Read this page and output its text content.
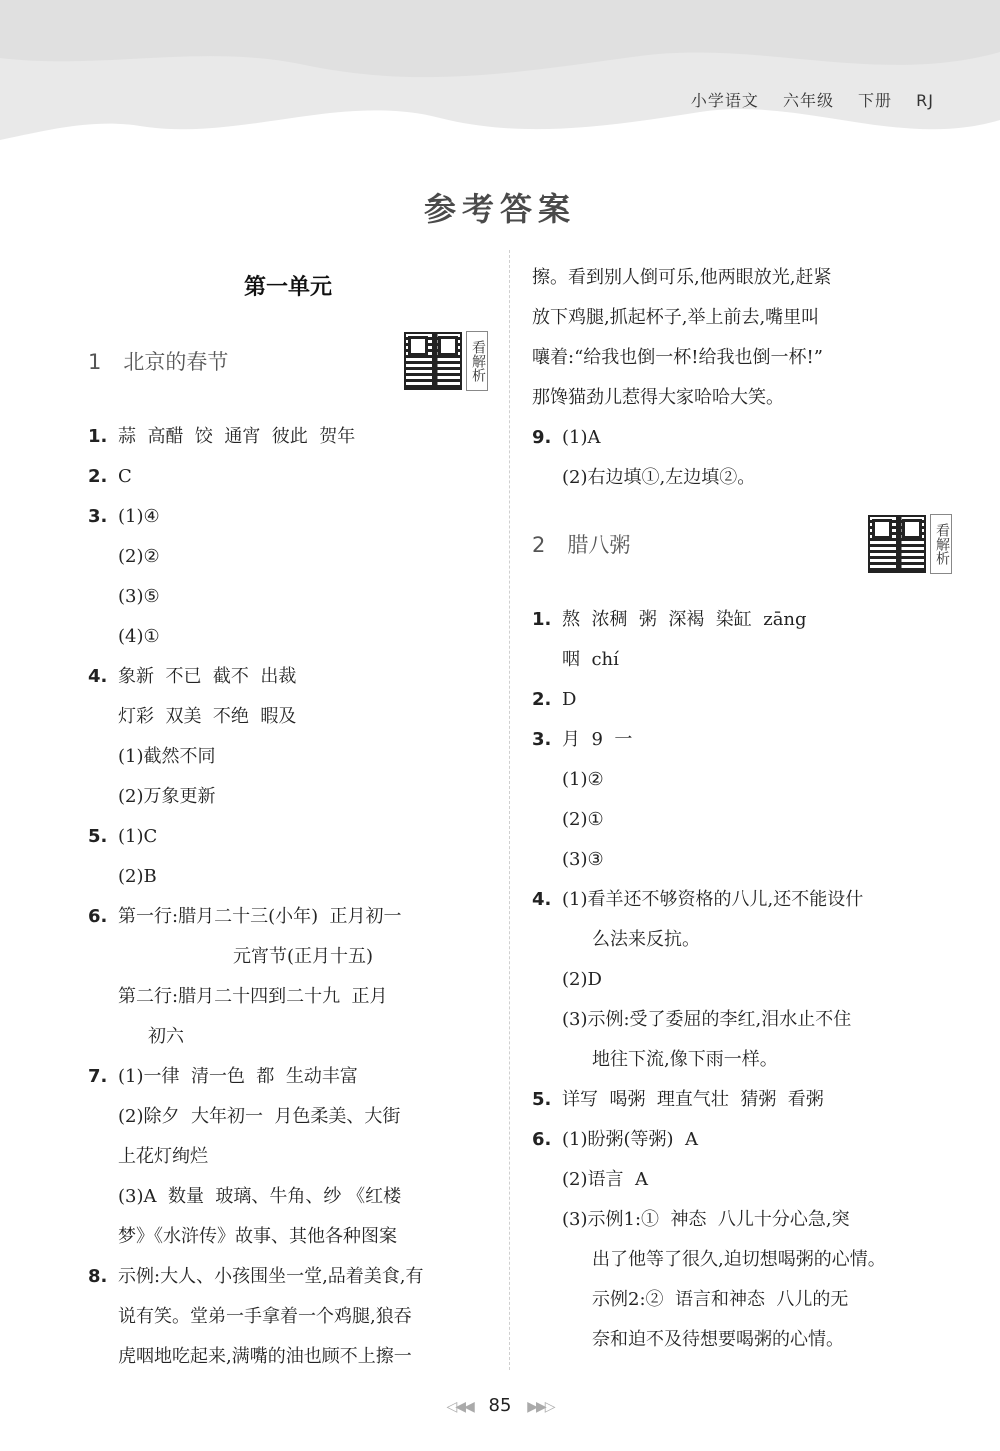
小学语文 六年级 下册 RJ
参考答案
第一单元
1 北京的春节	看解析
1. 蒜  高醋  饺  通宵  彼此  贺年
2. C
3. (1)④
(2)②
(3)⑤
(4)①
4. 象新  不已  截不  出裁
灯彩  双美  不绝  暇及
(1)截然不同
(2)万象更新
5. (1)C
(2)B
6. 第一行:腊月二十三(小年)  正月初一
元宵节(正月十五)
第二行:腊月二十四到二十九  正月
初六
7. (1)一律  清一色  都  生动丰富
(2)除夕  大年初一  月色柔美、大街
上花灯绚烂
(3)A  数量  玻璃、牛角、纱 《红楼
梦》《水浒传》故事、其他各种图案
8. 示例:大人、小孩围坐一堂,品着美食,有
说有笑。堂弟一手拿着一个鸡腿,狼吞
虎咽地吃起来,满嘴的油也顾不上擦一
擦。看到别人倒可乐,他两眼放光,赶紧
放下鸡腿,抓起杯子,举上前去,嘴里叫
嚷着:“给我也倒一杯!给我也倒一杯!”
那馋猫劲儿惹得大家哈哈大笑。
9. (1)A
(2)右边填①,左边填②。
2 腊八粥	看解析
1. 熬  浓稠  粥  深褐  染缸  zāng
咽  chí
2. D
3. 月  9  一
(1)②
(2)①
(3)③
4. (1)看羊还不够资格的八儿,还不能设什
么法来反抗。
(2)D
(3)示例:受了委屈的李红,泪水止不住
地往下流,像下雨一样。
5. 详写  喝粥  理直气壮  猜粥  看粥
6. (1)盼粥(等粥)  A
(2)语言  A
(3)示例1:①  神态  八儿十分心急,突
出了他等了很久,迫切想喝粥的心情。
示例2:②  语言和神态  八儿的无
奈和迫不及待想要喝粥的心情。
◁◀◀ 85 ▶▶▷
